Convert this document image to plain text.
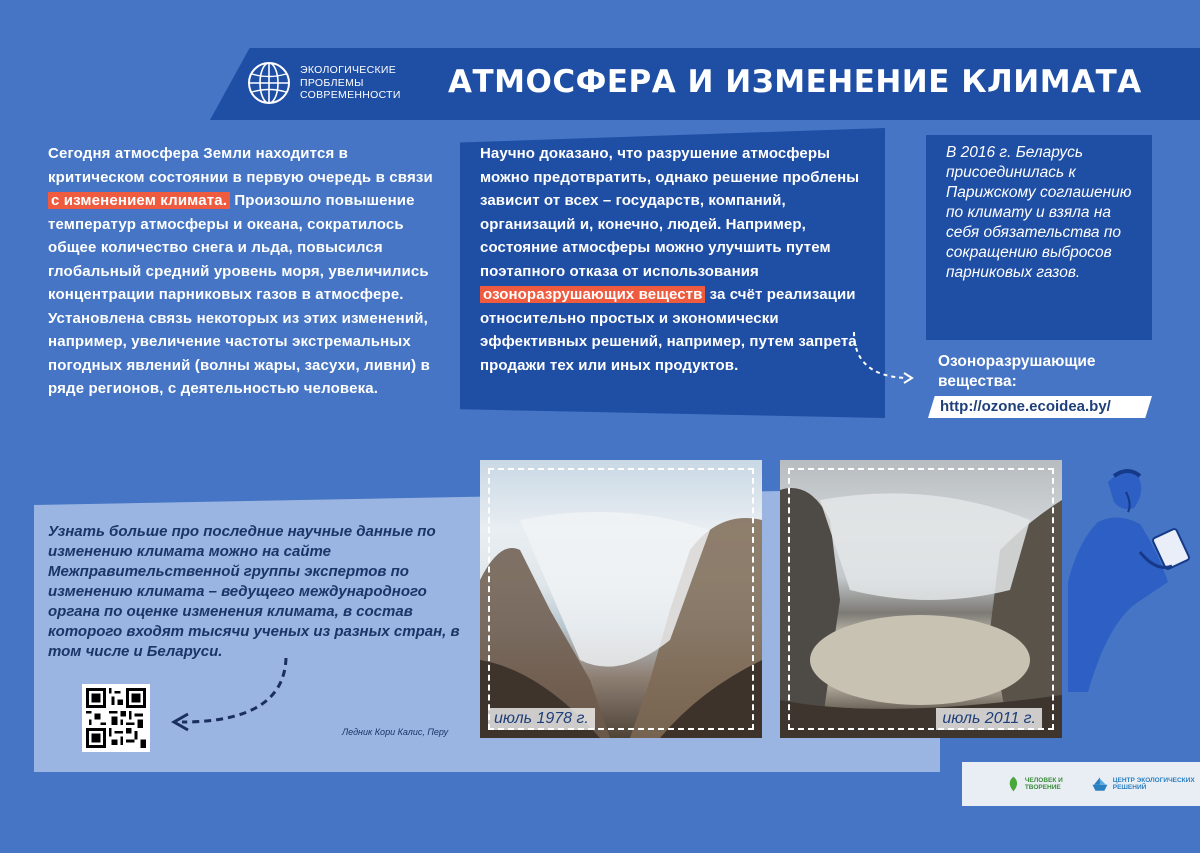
ЭКОЛОГИЧЕСКИЕ
ПРОБЛЕМЫ
СОВРЕМЕННОСТИ АТМОСФЕРА И ИЗМЕНЕНИЕ КЛИМАТА
Сегодня атмосфера Земли находится в критическом состоянии в первую очередь в связи с изменением климата. Произошло повышение температур атмосферы и океана, сократилось общее количество снега и льда, повысился глобальный средний уровень моря, увеличились концентрации парниковых газов в атмосфере. Установлена связь некоторых из этих изменений, например, увеличение частоты экстремальных погодных явлений (волны жары, засухи, ливни) в ряде регионов, с деятельностью человека.
Научно доказано, что разрушение атмосферы можно предотвратить, однако решение проблены зависит от всех – государств, компаний, организаций и, конечно, людей. Например, состояние атмосферы можно улучшить путем поэтапного отказа от использования озоноразрушающих веществ за счёт реализации относительно простых и экономически эффективных решений, например, путем запрета продажи тех или иных продуктов.
В 2016 г. Беларусь присоединилась к Парижскому соглашению по климату и взяла на себя обязательства по сокращению выбросов парниковых газов.
Озоноразрушающие вещества:
http://ozone.ecoidea.by/
Узнать больше про последние научные данные по изменению климата можно на сайте Межправительственной группы экспертов по изменению климата – ведущего международного органа по оценке изменения климата, в состав которого входят тысячи ученых из разных стран, в том числе и Беларуси.
Ледник Кори Калис, Перу
июль 1978 г.	июль 2011 г.
ЧЕЛОВЕК И ТВОРЕНИЕ
ЦЕНТР ЭКОЛОГИЧЕСКИХ РЕШЕНИЙ
